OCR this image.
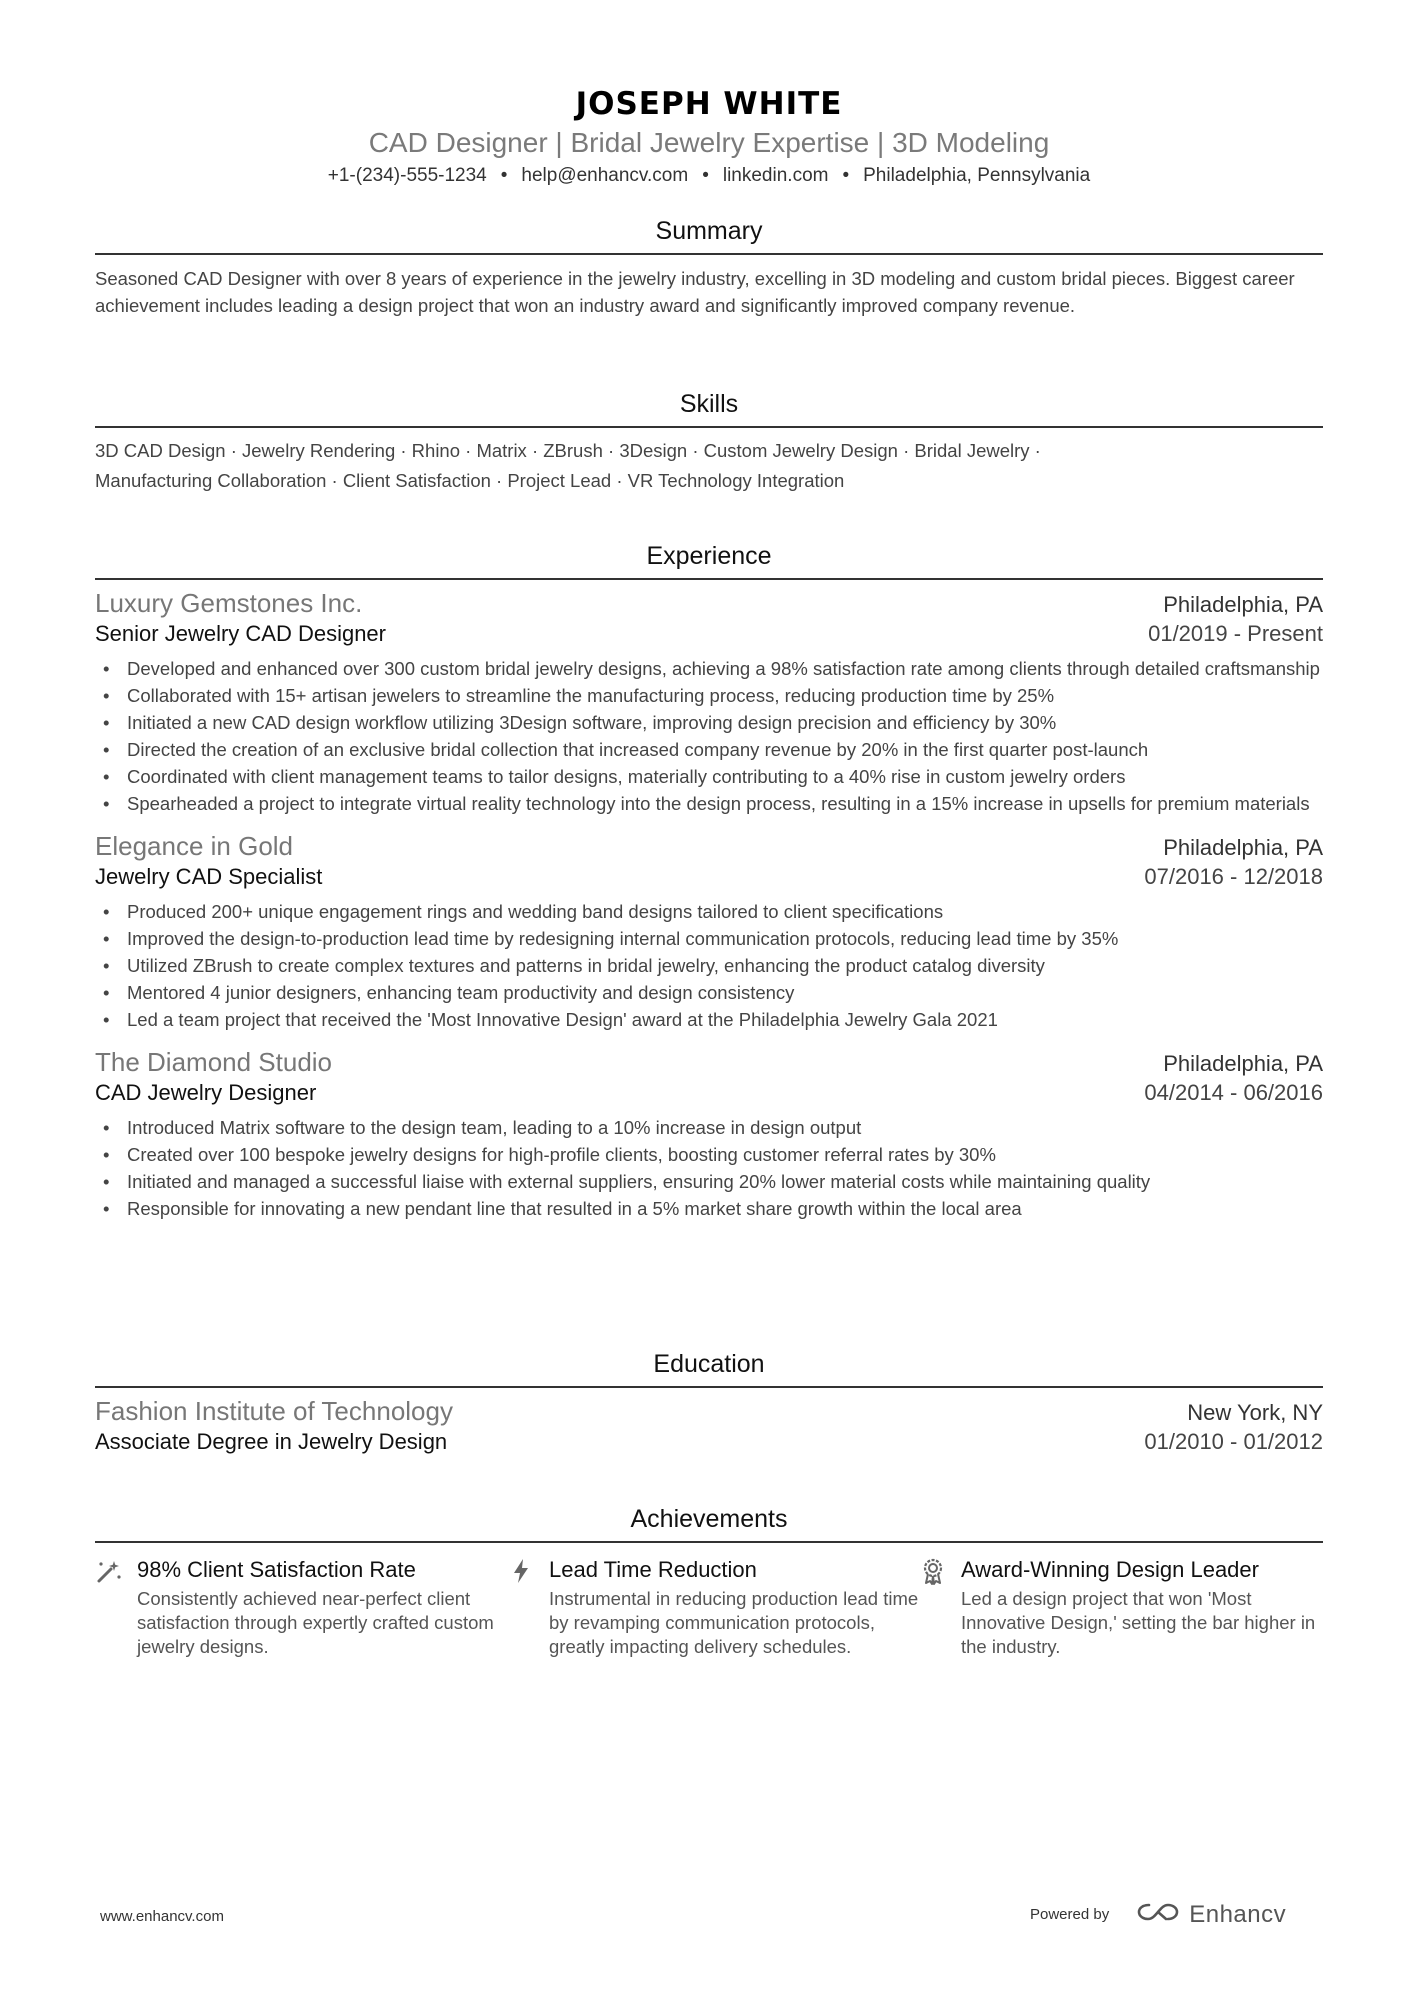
JOSEPH WHITE
CAD Designer | Bridal Jewelry Expertise | 3D Modeling
+1-(234)-555-1234 • help@enhancv.com • linkedin.com • Philadelphia, Pennsylvania
Summary
Seasoned CAD Designer with over 8 years of experience in the jewelry industry, excelling in 3D modeling and custom bridal pieces. Biggest career achievement includes leading a design project that won an industry award and significantly improved company revenue.
Skills
3D CAD Design · Jewelry Rendering · Rhino · Matrix · ZBrush · 3Design · Custom Jewelry Design · Bridal Jewelry ·
Manufacturing Collaboration · Client Satisfaction · Project Lead · VR Technology Integration
Experience
Luxury Gemstones Inc.	Philadelphia, PA
Senior Jewelry CAD Designer	01/2019 - Present
• Developed and enhanced over 300 custom bridal jewelry designs, achieving a 98% satisfaction rate among clients through detailed craftsmanship
• Collaborated with 15+ artisan jewelers to streamline the manufacturing process, reducing production time by 25%
• Initiated a new CAD design workflow utilizing 3Design software, improving design precision and efficiency by 30%
• Directed the creation of an exclusive bridal collection that increased company revenue by 20% in the first quarter post-launch
• Coordinated with client management teams to tailor designs, materially contributing to a 40% rise in custom jewelry orders
• Spearheaded a project to integrate virtual reality technology into the design process, resulting in a 15% increase in upsells for premium materials
Elegance in Gold	Philadelphia, PA
Jewelry CAD Specialist	07/2016 - 12/2018
• Produced 200+ unique engagement rings and wedding band designs tailored to client specifications
• Improved the design-to-production lead time by redesigning internal communication protocols, reducing lead time by 35%
• Utilized ZBrush to create complex textures and patterns in bridal jewelry, enhancing the product catalog diversity
• Mentored 4 junior designers, enhancing team productivity and design consistency
• Led a team project that received the 'Most Innovative Design' award at the Philadelphia Jewelry Gala 2021
The Diamond Studio	Philadelphia, PA
CAD Jewelry Designer	04/2014 - 06/2016
• Introduced Matrix software to the design team, leading to a 10% increase in design output
• Created over 100 bespoke jewelry designs for high-profile clients, boosting customer referral rates by 30%
• Initiated and managed a successful liaise with external suppliers, ensuring 20% lower material costs while maintaining quality
• Responsible for innovating a new pendant line that resulted in a 5% market share growth within the local area
Education
Fashion Institute of Technology	New York, NY
Associate Degree in Jewelry Design	01/2010 - 01/2012
Achievements
98% Client Satisfaction Rate
Consistently achieved near-perfect client satisfaction through expertly crafted custom jewelry designs.
Lead Time Reduction
Instrumental in reducing production lead time by revamping communication protocols, greatly impacting delivery schedules.
Award-Winning Design Leader
Led a design project that won 'Most Innovative Design,' setting the bar higher in the industry.
www.enhancv.com	Powered by	Enhancv
